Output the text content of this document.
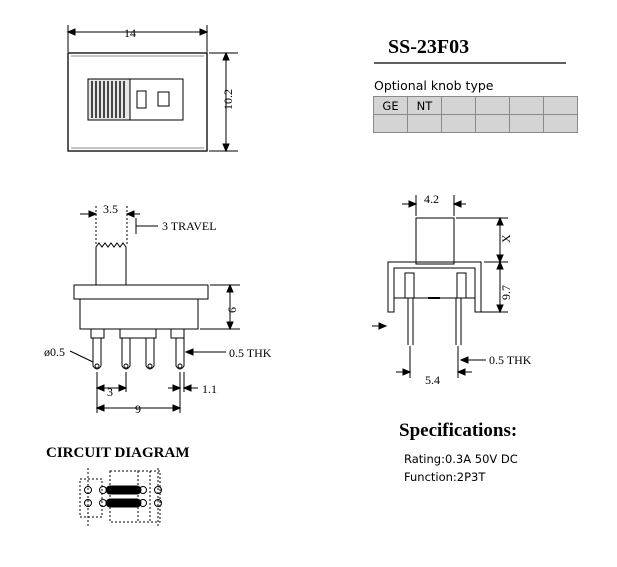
14
10.2
3.5
3 TRAVEL
6
ø0.5	0.5 THK
3
9
1.1
4.2
X
9.7
0.5 THK
5.4
SS-23F03
Optional knob type
GE	NT				

Specifications:
Rating:0.3A 50V DC
Function:2P3T
CIRCUIT DIAGRAM
